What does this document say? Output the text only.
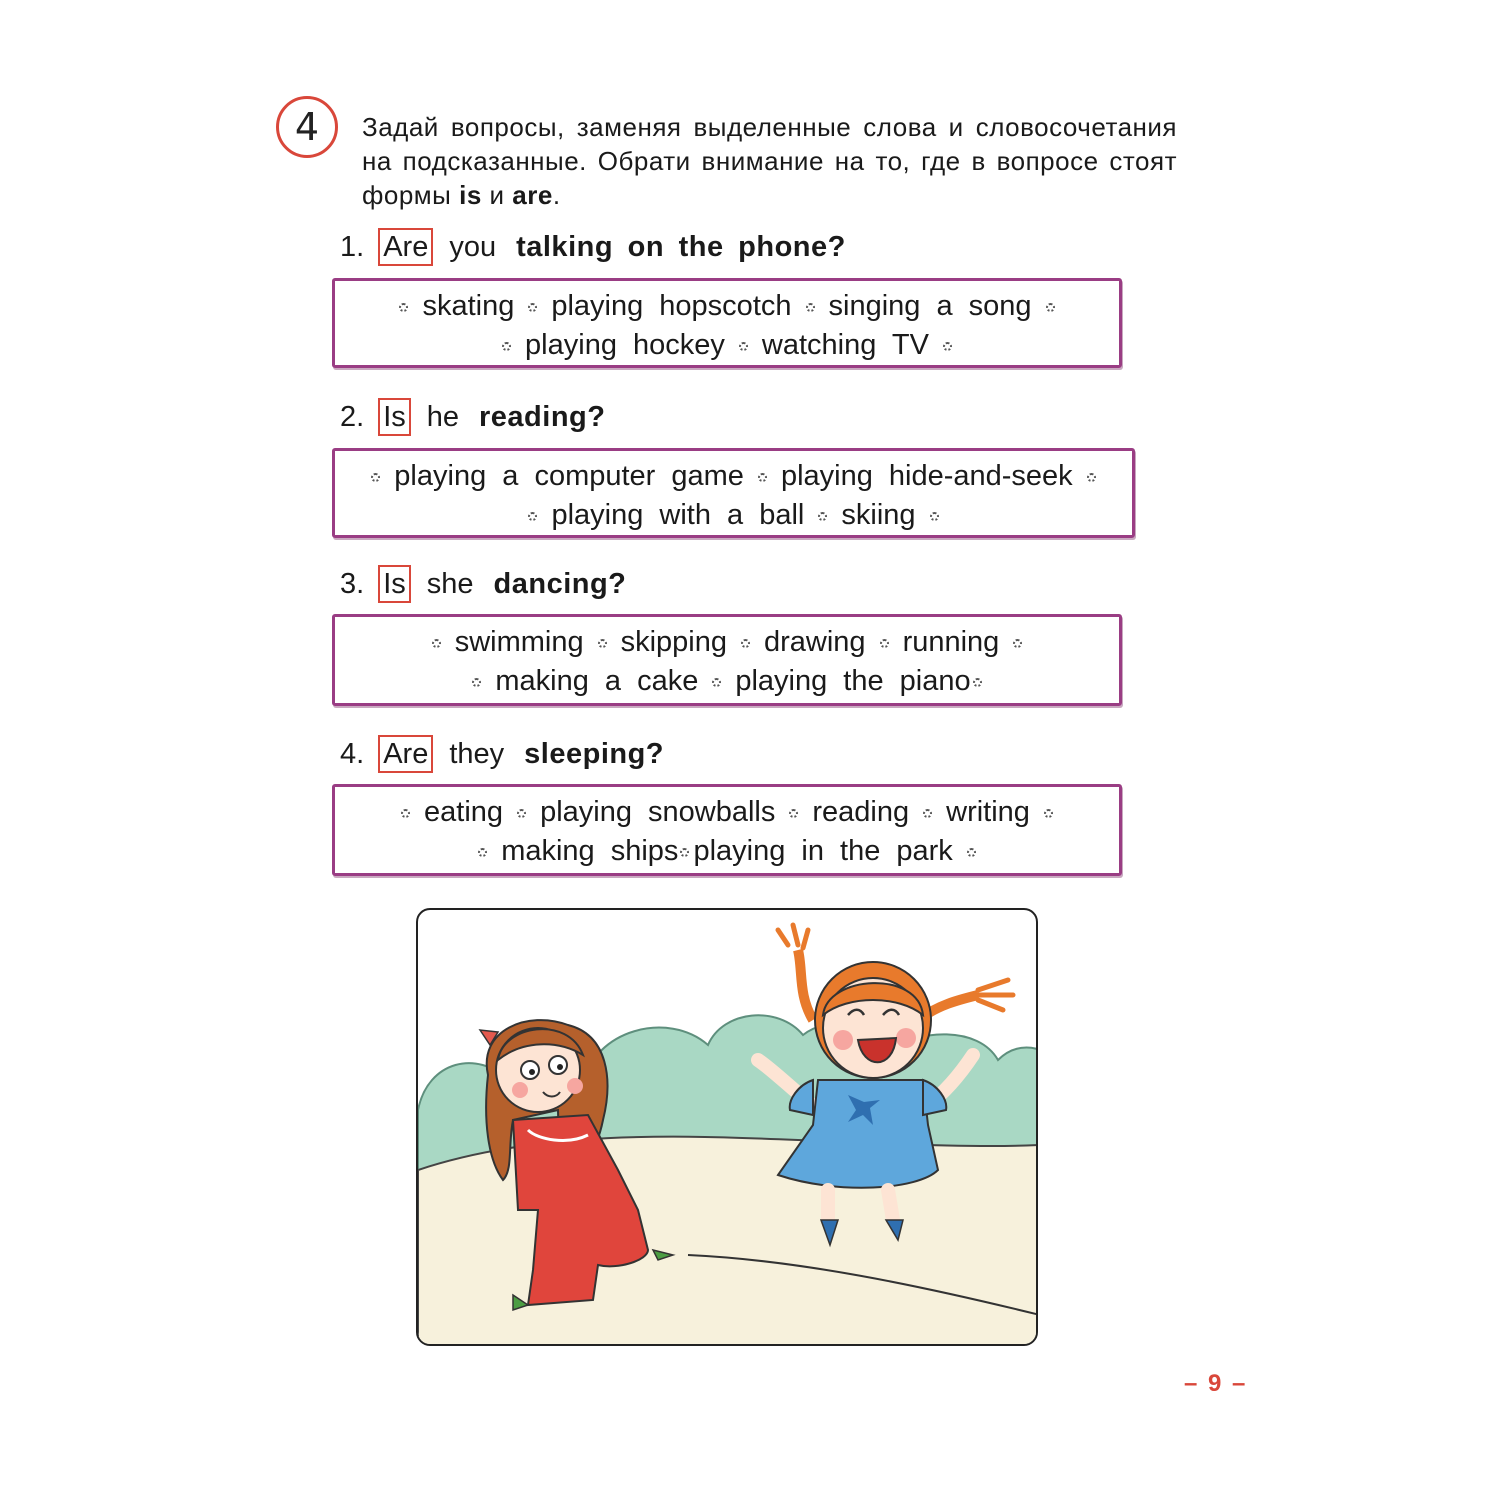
4	Задай вопросы, заменяя выделенные слова и словосочетания на подсказанные. Обрати внимание на то, где в вопросе стоят формы is и are.
1. Are you talking on the phone?
skating playing hopscotch singing a song
playing hockey watching TV
2. Is he reading?
playing a computer game playing hide-and-seek
playing with a ball skiing
3. Is she dancing?
swimming skipping drawing running
making a cake playing the piano
4. Are they sleeping?
eating playing snowballs reading writing
making ships playing in the park
– 9 –
